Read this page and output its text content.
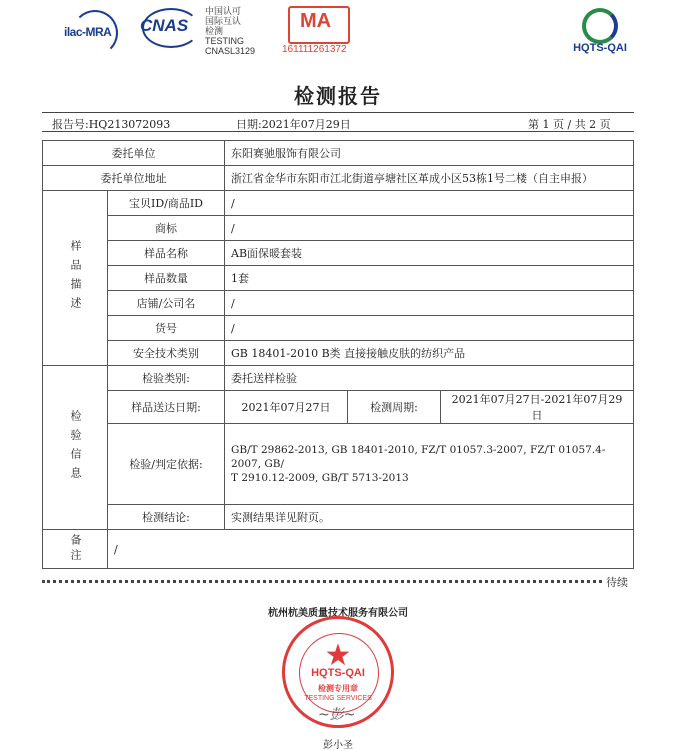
ilac-MRA CNAS
中国认可
国际互认
检测
TESTING
CNASL3129
MA
161111261372	HQTS-QAI
检测报告
报告号:HQ213072093	日期:2021年07月29日	第 1 页 / 共 2 页
委托单位		东阳赛驰服饰有限公司		
委托单位地址		浙江省金华市东阳市江北街道亭塘社区革成小区53栋1号二楼（自主申报）		
样品描述	宝贝ID/商品ID	/		
	商标	/		
	样品名称	AB面保暖套装		
	样品数量	1套		
	店铺/公司名	/		
	货号	/		
	安全技术类别	GB 18401-2010 B类 直接接触皮肤的纺织产品		
检验信息	检验类别:	委托送样检验		
	样品送达日期:	2021年07月27日	检测周期:	2021年07月27日-2021年07月29日
	检验/判定依据:	GB/T 29862-2013, GB 18401-2010, FZ/T 01057.3-2007, FZ/T 01057.4-2007, GB/
T 2910.12-2009, GB/T 5713-2013		

	检测结论:	实测结果详见附页。		
备注	/			
待续
杭州杭美质量技术服务有限公司
★
HQTS-QAI
检测专用章
TESTING SERVICES
~彭~
彭小圣
